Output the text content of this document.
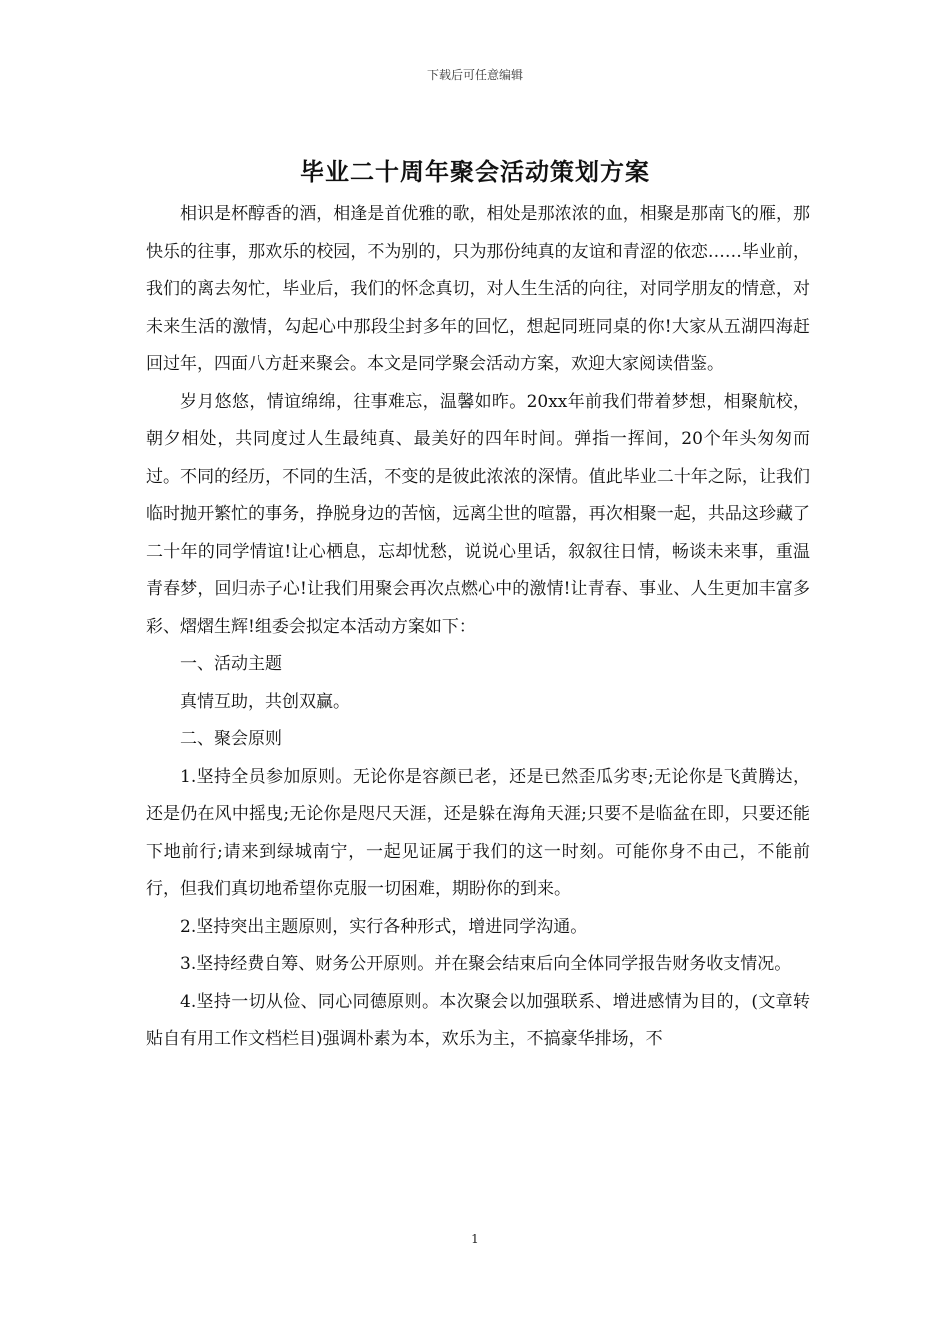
下载后可任意编辑
毕业二十周年聚会活动策划方案

相识是杯醇香的酒，相逢是首优雅的歌，相处是那浓浓的血，相聚是那南飞的雁，那快乐的往事，那欢乐的校园，不为别的，只为那份纯真的友谊和青涩的依恋……毕业前，我们的离去匆忙，毕业后，我们的怀念真切，对人生生活的向往，对同学朋友的情意，对未来生活的激情，勾起心中那段尘封多年的回忆，想起同班同桌的你!大家从五湖四海赶回过年，四面八方赶来聚会。本文是同学聚会活动方案，欢迎大家阅读借鉴。

岁月悠悠，情谊绵绵，往事难忘，温馨如昨。20xx年前我们带着梦想，相聚航校，朝夕相处，共同度过人生最纯真、最美好的四年时间。弹指一挥间，20个年头匆匆而过。不同的经历，不同的生活，不变的是彼此浓浓的深情。值此毕业二十年之际，让我们临时抛开繁忙的事务，挣脱身边的苦恼，远离尘世的喧嚣，再次相聚一起，共品这珍藏了二十年的同学情谊!让心栖息，忘却忧愁，说说心里话，叙叙往日情，畅谈未来事，重温青春梦，回归赤子心!让我们用聚会再次点燃心中的激情!让青春、事业、人生更加丰富多彩、熠熠生辉!组委会拟定本活动方案如下：

一、活动主题

真情互助，共创双赢。

二、聚会原则

1.坚持全员参加原则。无论你是容颜已老，还是已然歪瓜劣枣;无论你是飞黄腾达，还是仍在风中摇曳;无论你是咫尺天涯，还是躲在海角天涯;只要不是临盆在即，只要还能下地前行;请来到绿城南宁，一起见证属于我们的这一时刻。可能你身不由己，不能前行，但我们真切地希望你克服一切困难，期盼你的到来。

2.坚持突出主题原则，实行各种形式，增进同学沟通。

3.坚持经费自筹、财务公开原则。并在聚会结束后向全体同学报告财务收支情况。

4.坚持一切从俭、同心同德原则。本次聚会以加强联系、增进感情为目的，(文章转贴自有用工作文档栏目)强调朴素为本，欢乐为主，不搞豪华排场，不

1
